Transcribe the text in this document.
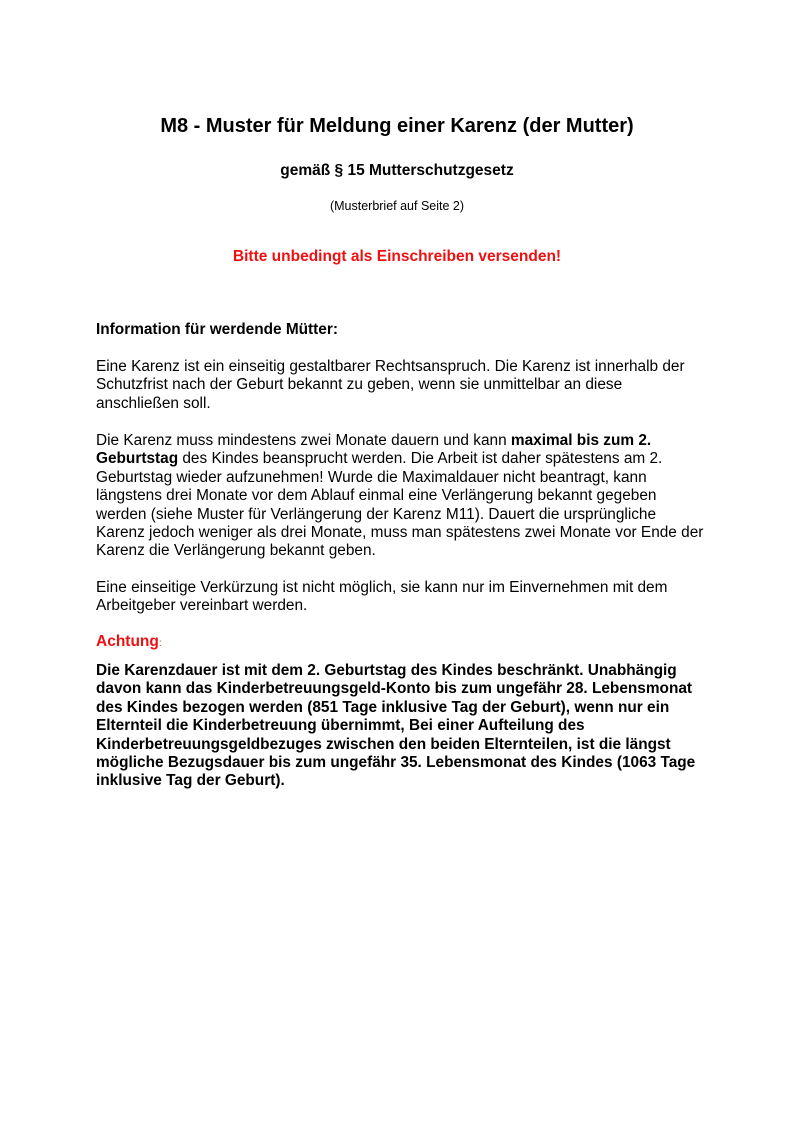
M8 - Muster für Meldung einer Karenz (der Mutter)

gemäß § 15 Mutterschutzgesetz

(Musterbrief auf Seite 2)

Bitte unbedingt als Einschreiben versenden!

Information für werdende Mütter:

Eine Karenz ist ein einseitig gestaltbarer Rechtsanspruch. Die Karenz ist innerhalb der Schutzfrist nach der Geburt bekannt zu geben, wenn sie unmittelbar an diese anschließen soll.

Die Karenz muss mindestens zwei Monate dauern und kann maximal bis zum 2. Geburtstag des Kindes beansprucht werden. Die Arbeit ist daher spätestens am 2. Geburtstag wieder aufzunehmen! Wurde die Maximaldauer nicht beantragt, kann längstens drei Monate vor dem Ablauf einmal eine Verlängerung bekannt gegeben werden (siehe Muster für Verlängerung der Karenz M11). Dauert die ursprüngliche Karenz jedoch weniger als drei Monate, muss man spätestens zwei Monate vor Ende der Karenz die Verlängerung bekannt geben.

Eine einseitige Verkürzung ist nicht möglich, sie kann nur im Einvernehmen mit dem Arbeitgeber vereinbart werden.

Achtung:

Die Karenzdauer ist mit dem 2. Geburtstag des Kindes beschränkt. Unabhängig davon kann das Kinderbetreuungsgeld-Konto bis zum ungefähr 28. Lebensmonat des Kindes bezogen werden (851 Tage inklusive Tag der Geburt), wenn nur ein Elternteil die Kinderbetreuung übernimmt, Bei einer Aufteilung des Kinderbetreuungsgeldbezuges zwischen den beiden Elternteilen, ist die längst mögliche Bezugsdauer bis zum ungefähr 35. Lebensmonat des Kindes (1063 Tage inklusive Tag der Geburt).
